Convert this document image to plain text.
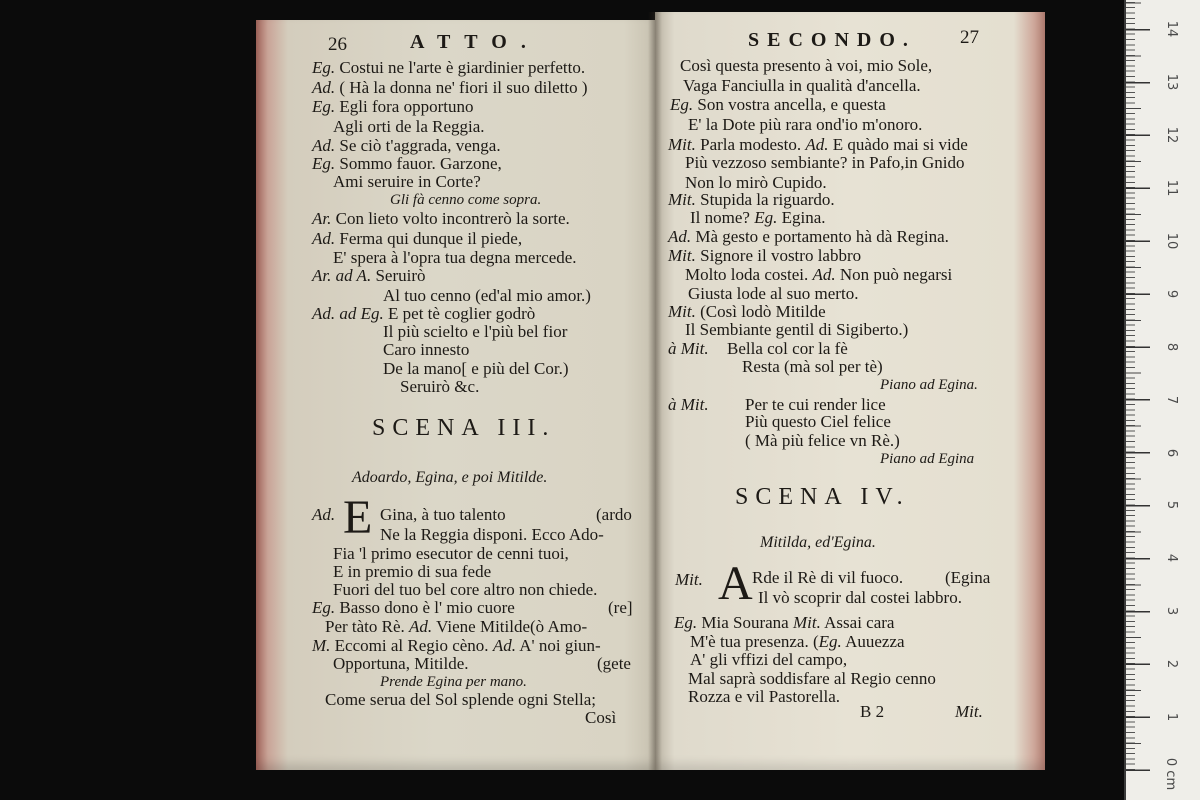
26	ATTO.
Eg. Costui ne l'arte è giardinier perfetto.
Ad. ( Hà la donna ne' fiori il suo diletto )
Eg. Egli fora opportuno
Agli orti de la Reggia.
Ad. Se ciò t'aggrada, venga.
Eg. Sommo fauor. Garzone,
Ami seruire in Corte?
Gli fà cenno come sopra.
Ar. Con lieto volto incontrerò la sorte.
Ad. Ferma qui dunque il piede,
E' spera à l'opra tua degna mercede.
Ar. ad A. Seruirò
Al tuo cenno (ed'al mio amor.)
Ad. ad Eg. E pet tè coglier godrò
Il più scielto e l'più bel fior
Caro innesto
De la mano[ e più del Cor.)
Seruirò &c.
SCENA III.
Adoardo, Egina, e poi Mitilde.
Ad. E Gina, à tuo talento	(ardo
Ne la Reggia disponi. Ecco Ado-
Fia 'l primo esecutor de cenni tuoi,
E in premio di sua fede
Fuori del tuo bel core altro non chiede.
Eg. Basso dono è l' mio cuore	(re]
Per tàto Rè. Ad. Viene Mitilde(ò Amo-
M. Eccomi al Regio cèno. Ad. A' noi giun-
Opportuna, Mitilde.	(gete
Prende Egina per mano.
Come serua del Sol splende ogni Stella;
Così
SECONDO. 27
Così questa presento à voi, mio Sole,
Vaga Fanciulla in qualità d'ancella.
Eg. Son vostra ancella, e questa
E' la Dote più rara ond'io m'onoro.
Mit. Parla modesto. Ad. E quàdo mai si vide
Più vezzoso sembiante? in Pafo,in Gnido
Non lo mirò Cupido.
Mit. Stupida la riguardo.
Il nome? Eg. Egina.
Ad. Mà gesto e portamento hà dà Regina.
Mit. Signore il vostro labbro
Molto loda costei. Ad. Non può negarsi
Giusta lode al suo merto.
Mit. (Così lodò Mitilde
Il Sembiante gentil di Sigiberto.)
à Mit. Bella col cor la fè
Resta (mà sol per tè)
Piano ad Egina.
à Mit. Per te cui render lice
Più questo Ciel felice
( Mà più felice vn Rè.)
Piano ad Egina
SCENA IV.
Mitilda, ed'Egina.
Mit. A Rde il Rè di vil fuoco. (Egina
Il vò scoprir dal costei labbro.
Eg. Mia Sourana Mit. Assai cara
M'è tua presenza. (Eg. Auuezza
A' gli vffizi del campo,
Mal saprà soddisfare al Regio cenno
Rozza e vil Pastorella.
B 2	Mit.
14
13
12
11
10
9
8
7
6
5
4
3
2
1
0 cm
